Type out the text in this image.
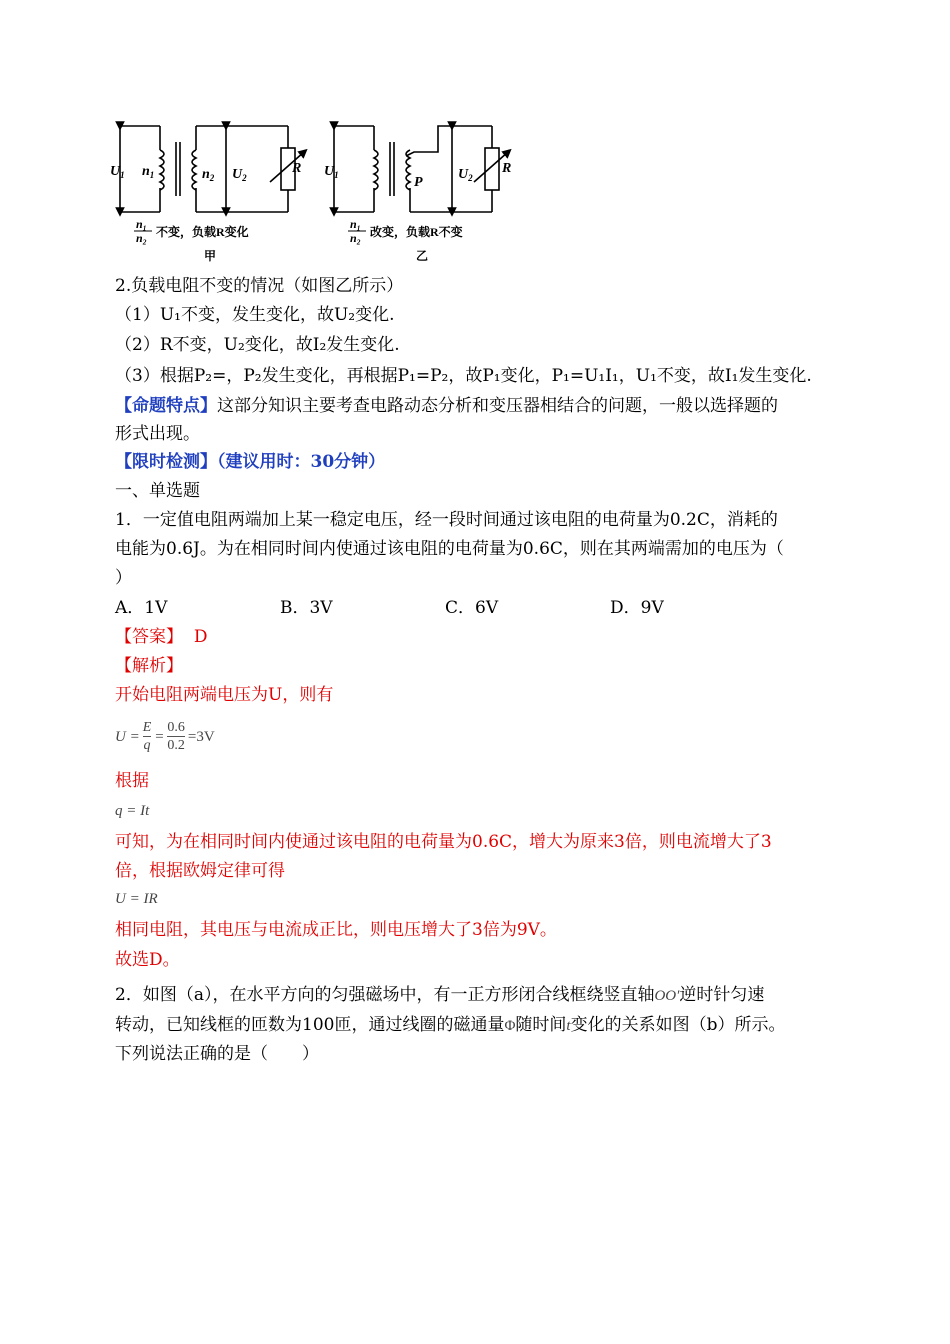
$U_1$ $n_1$	$n_2$ $U_2$
R
n₁
n₂ 不变，负载R变化
甲
$U_1$	P
$U_2$
R
n₁
n₂ 改变，负载R不变
乙
2.负载电阻不变的情况（如图乙所示）
（1）U₁不变，发生变化，故U₂变化.
（2）R不变，U₂变化，故I₂发生变化.
（3）根据P₂=，P₂发生变化，再根据P₁=P₂，故P₁变化，P₁=U₁I₁，U₁不变，故I₁发生变化.
【命题特点】这部分知识主要考查电路动态分析和变压器相结合的问题，一般以选择题的
形式出现。
【限时检测】（建议用时：30分钟）
一、单选题
1．一定值电阻两端加上某一稳定电压，经一段时间通过该电阻的电荷量为0.2C，消耗的
电能为0.6J。为在相同时间内使通过该电阻的电荷量为0.6C，则在其两端需加的电压为（
）
A．1V	B．3V	C．6V	D．9V
【答案】 D
【解析】
开始电阻两端电压为U，则有
$U = \frac{E}{q} = \frac{0.6}{0.2} =3V$
根据
q = It
可知，为在相同时间内使通过该电阻的电荷量为0.6C，增大为原来3倍，则电流增大了3
倍，根据欧姆定律可得
U = IR
相同电阻，其电压与电流成正比，则电压增大了3倍为9V。
故选D。
2．如图（a），在水平方向的匀强磁场中，有一正方形闭合线框绕竖直轴OO′逆时针匀速
转动，已知线框的匝数为100匝，通过线圈的磁通量Φ随时间t变化的关系如图（b）所示。
下列说法正确的是（　　）
